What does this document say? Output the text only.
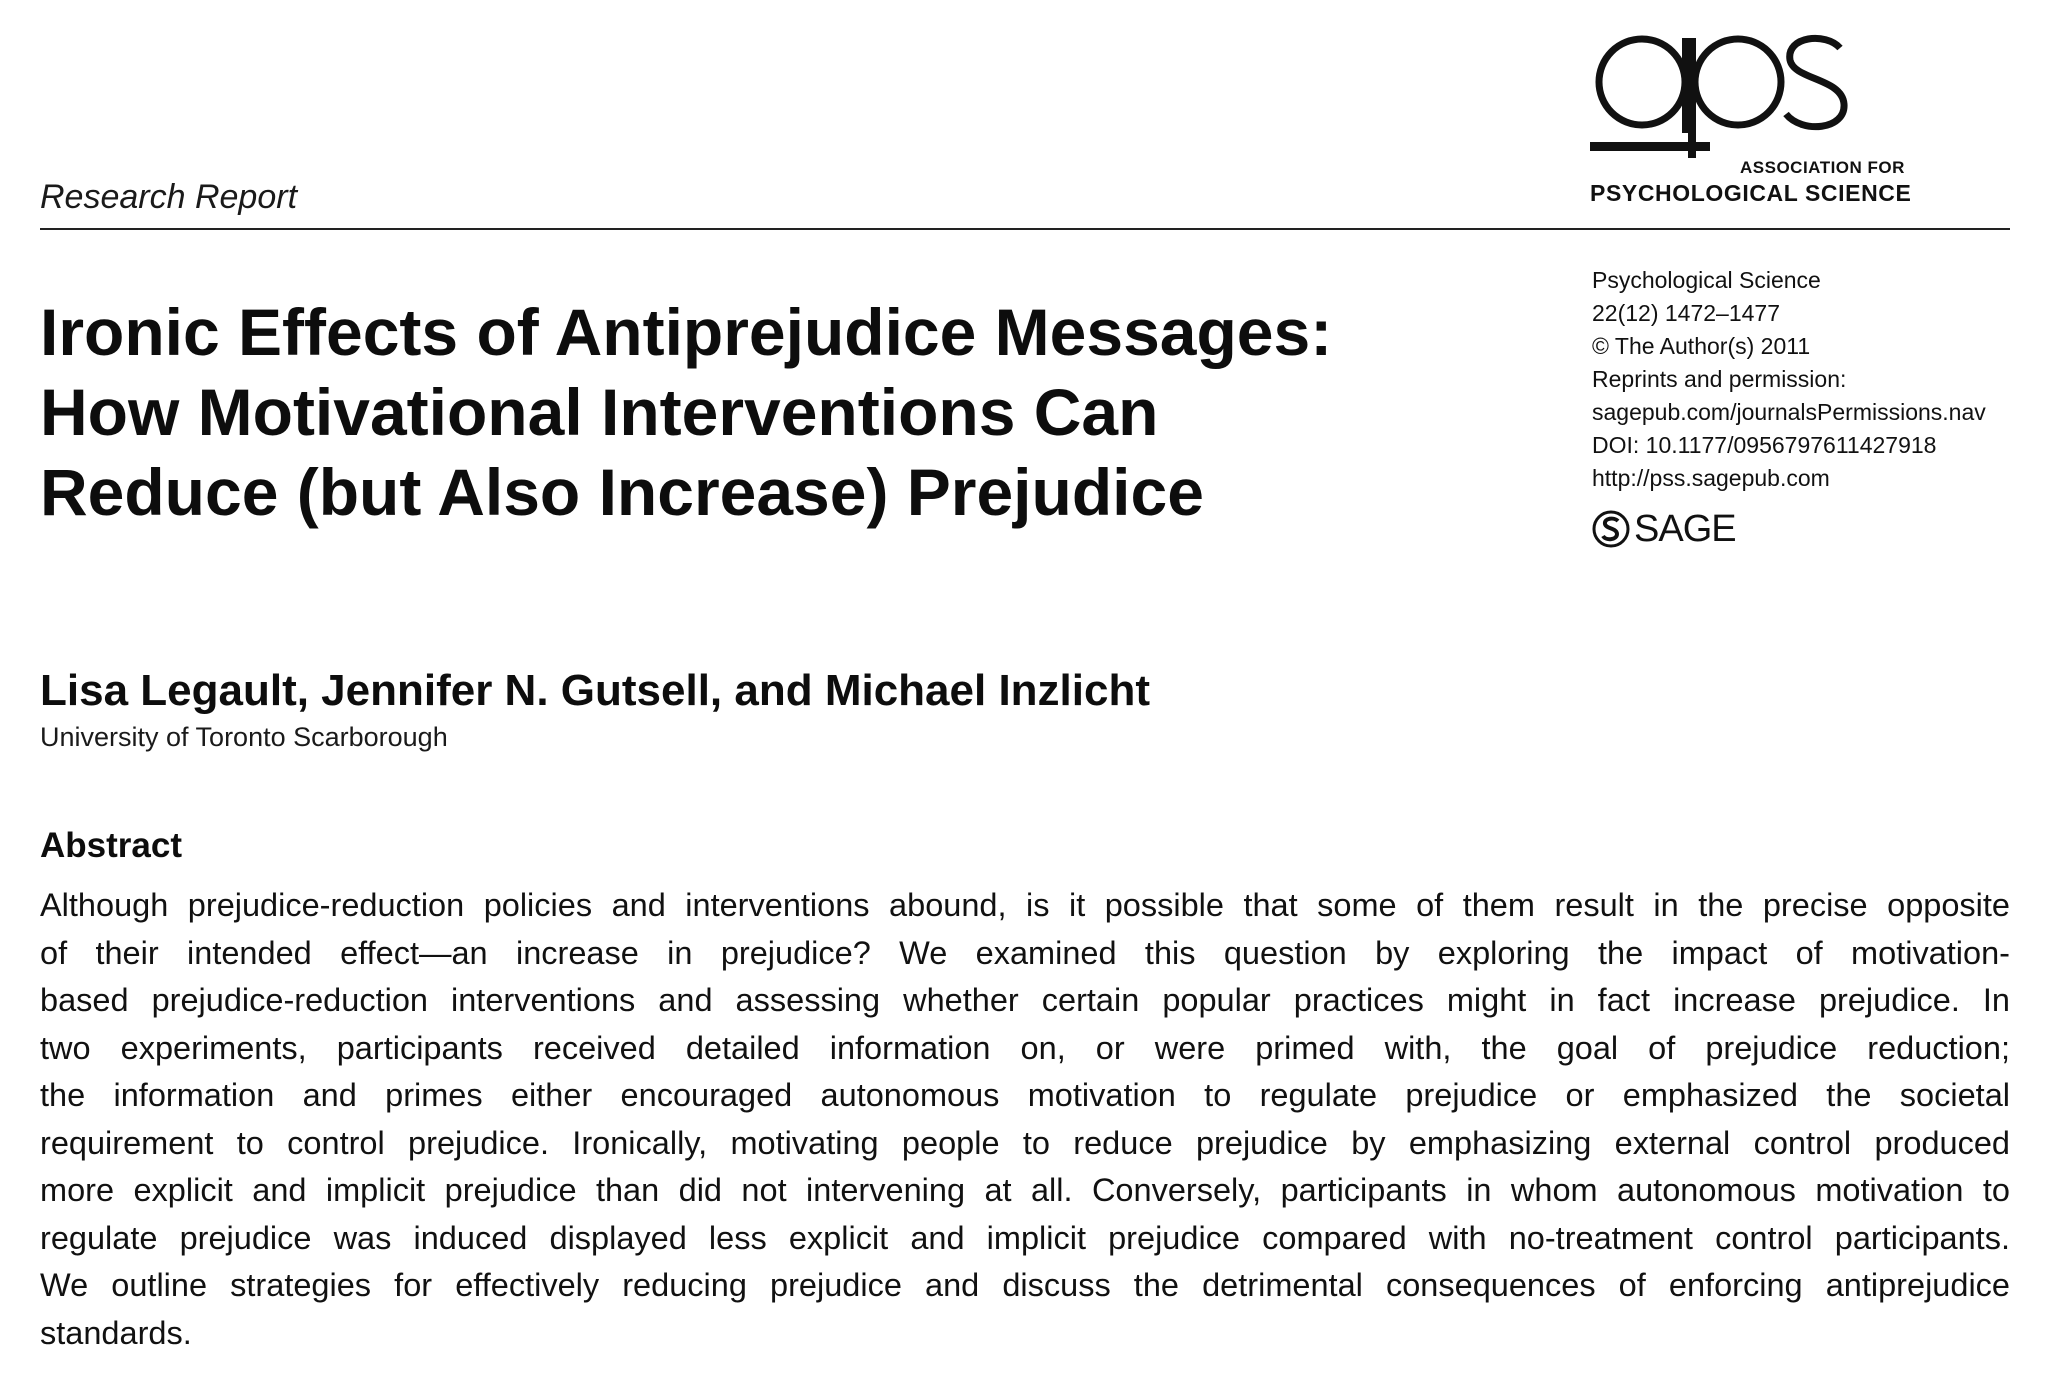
Research Report
ASSOCIATION FOR
PSYCHOLOGICAL SCIENCE
Ironic Effects of Antiprejudice Messages:
How Motivational Interventions Can
Reduce (but Also Increase) Prejudice
Psychological Science
22(12) 1472–1477
© The Author(s) 2011
Reprints and permission:
sagepub.com/journalsPermissions.nav
DOI: 10.1177/0956797611427918
http://pss.sagepub.com
SAGE
Lisa Legault, Jennifer N. Gutsell, and Michael Inzlicht
University of Toronto Scarborough
Abstract
Although prejudice-reduction policies and interventions abound, is it possible that some of them result in the precise opposite
of their intended effect—an increase in prejudice? We examined this question by exploring the impact of motivation-
based prejudice-reduction interventions and assessing whether certain popular practices might in fact increase prejudice. In
two experiments, participants received detailed information on, or were primed with, the goal of prejudice reduction;
the information and primes either encouraged autonomous motivation to regulate prejudice or emphasized the societal
requirement to control prejudice. Ironically, motivating people to reduce prejudice by emphasizing external control produced
more explicit and implicit prejudice than did not intervening at all. Conversely, participants in whom autonomous motivation to
regulate prejudice was induced displayed less explicit and implicit prejudice compared with no-treatment control participants.
We outline strategies for effectively reducing prejudice and discuss the detrimental consequences of enforcing antiprejudice
standards.
